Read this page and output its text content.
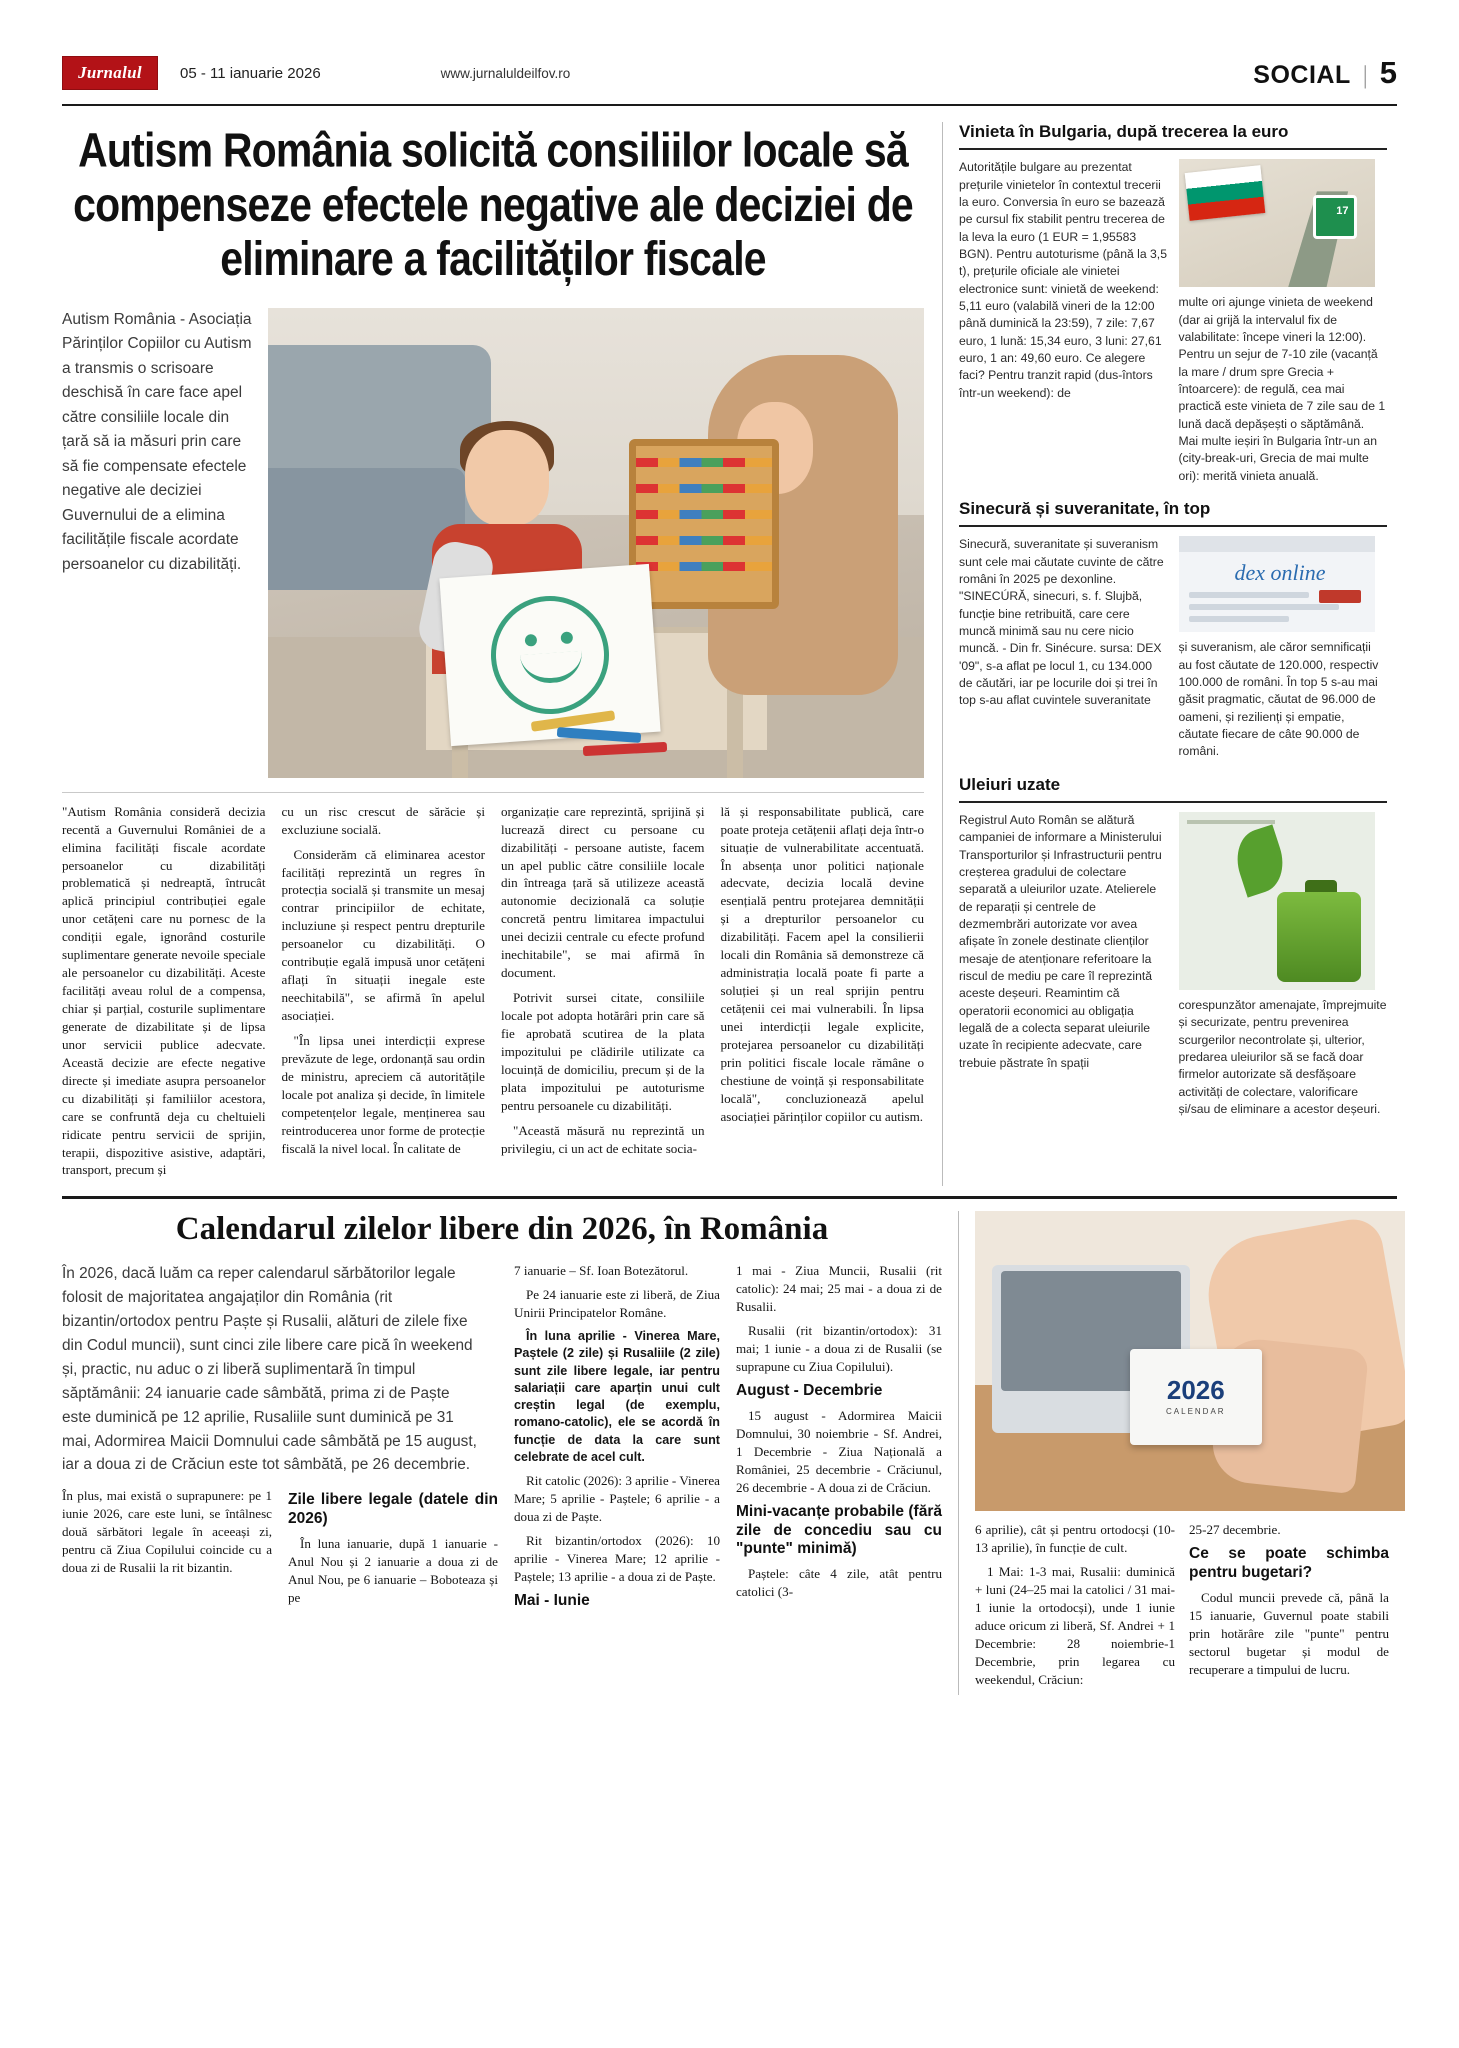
Jurnalul	05 - 11 ianuarie 2026	www.jurnaluldeilfov.ro	SOCIAL | 5
Autism România solicită consiliilor locale să compenseze efectele negative ale deciziei de eliminare a facilităților fiscale
Autism România - Asociația Părinților Copiilor cu Autism a transmis o scrisoare deschisă în care face apel către consiliile locale din țară să ia măsuri prin care să fie compensate efectele negative ale deciziei Guvernului de a elimina facilitățile fiscale acordate persoanelor cu dizabilități.

"Autism România consideră decizia recentă a Guvernului României de a elimina facilități fiscale acordate persoanelor cu dizabilități problematică și nedreaptă, întrucât aplică principiul contribuției egale unor cetățeni care nu pornesc de la condiții egale, ignorând costurile suplimentare generate nevoile speciale ale persoanelor cu dizabilități. Aceste facilități aveau rolul de a compensa, chiar și parțial, costurile suplimentare generate de dizabilitate și de lipsa unor servicii publice adecvate. Această decizie are efecte negative directe și imediate asupra persoanelor cu dizabilități și familiilor acestora, care se confruntă deja cu cheltuieli ridicate pentru servicii de sprijin, terapii, dispozitive asistive, adaptări, transport, precum și

cu un risc crescut de sărăcie și excluziune socială.

Considerăm că eliminarea acestor facilități reprezintă un regres în protecția socială și transmite un mesaj contrar principiilor de echitate, incluziune și respect pentru drepturile persoanelor cu dizabilități. O contribuție egală impusă unor cetățeni aflați în situații inegale este neechitabilă", se afirmă în apelul asociației.

"În lipsa unei interdicții exprese prevăzute de lege, ordonanță sau ordin de ministru, apreciem că autoritățile locale pot analiza și decide, în limitele competențelor legale, menținerea sau reintroducerea unor forme de protecție fiscală la nivel local. În calitate de

organizație care reprezintă, sprijină și lucrează direct cu persoane cu dizabilități - persoane autiste, facem un apel public către consiliile locale din întreaga țară să utilizeze această autonomie decizională ca soluție concretă pentru limitarea impactului unei decizii centrale cu efecte profund inechitabile", se mai afirmă în document.

Potrivit sursei citate, consiliile locale pot adopta hotărâri prin care să fie aprobată scutirea de la plata impozitului pe clădirile utilizate ca locuință de domiciliu, precum și de la plata impozitului pe autoturisme pentru persoanele cu dizabilități.

"Această măsură nu reprezintă un privilegiu, ci un act de echitate socia-

lă și responsabilitate publică, care poate proteja cetățenii aflați deja într-o situație de vulnerabilitate accentuată. În absența unor politici naționale adecvate, decizia locală devine esențială pentru protejarea demnității și a drepturilor persoanelor cu dizabilități. Facem apel la consilierii locali din România să demonstreze că administrația locală poate fi parte a soluției și un real sprijin pentru cetățenii cei mai vulnerabili. În lipsa unei interdicții legale explicite, protejarea persoanelor cu dizabilități prin politici fiscale locale rămâne o chestiune de voință și responsabilitate locală", concluzionează apelul asociației părinților copiilor cu autism.

Vinieta în Bulgaria, după trecerea la euro
Autoritățile bulgare au prezentat prețurile vinietelor în contextul trecerii la euro. Conversia în euro se bazează pe cursul fix stabilit pentru trecerea de la leva la euro (1 EUR = 1,95583 BGN). Pentru autoturisme (până la 3,5 t), prețurile oficiale ale vinietei electronice sunt: vinietă de weekend: 5,11 euro (valabilă vineri de la 12:00 până duminică la 23:59), 7 zile: 7,67 euro, 1 lună: 15,34 euro, 3 luni: 27,61 euro, 1 an: 49,60 euro. Ce alegere faci? Pentru tranzit rapid (dus-întors într-un weekend): de
17
multe ori ajunge vinieta de weekend (dar ai grijă la intervalul fix de valabilitate: începe vineri la 12:00). Pentru un sejur de 7-10 zile (vacanță la mare / drum spre Grecia + întoarcere): de regulă, cea mai practică este vinieta de 7 zile sau de 1 lună dacă depășești o săptămână. Mai multe ieșiri în Bulgaria într-un an (city-break-uri, Grecia de mai multe ori): merită vinieta anuală.
Sinecură și suveranitate, în top
Sinecură, suveranitate și suveranism sunt cele mai căutate cuvinte de către români în 2025 pe dexonline. "SINECÚRĂ, sinecuri, s. f. Slujbă, funcție bine retribuită, care cere muncă minimă sau nu cere nicio muncă. - Din fr. Sinécure. sursa: DEX '09", s-a aflat pe locul 1, cu 134.000 de căutări, iar pe locurile doi și trei în top s-au aflat cuvintele suveranitate
dex online
și suveranism, ale căror semnificații au fost căutate de 120.000, respectiv 100.000 de români. În top 5 s-au mai găsit pragmatic, căutat de 96.000 de oameni, și rezilienți și empatie, căutate fiecare de câte 90.000 de români.
Uleiuri uzate
Registrul Auto Român se alătură campaniei de informare a Ministerului Transporturilor și Infrastructurii pentru creșterea gradului de colectare separată a uleiurilor uzate. Atelierele de reparații și centrele de dezmembrări autorizate vor avea afișate în zonele destinate clienților mesaje de atenționare referitoare la riscul de mediu pe care îl reprezintă aceste deșeuri. Reamintim că operatorii economici au obligația legală de a colecta separat uleiurile uzate în recipiente adecvate, care trebuie păstrate în spații
corespunzător amenajate, împrejmuite și securizate, pentru prevenirea scurgerilor necontrolate și, ulterior, predarea uleiurilor să se facă doar firmelor autorizate să desfășoare activități de colectare, valorificare și/sau de eliminare a acestor deșeuri.
Calendarul zilelor libere din 2026, în România
În 2026, dacă luăm ca reper calendarul sărbătorilor legale folosit de majoritatea angajaților din România (rit bizantin/ortodox pentru Paște și Rusalii, alături de zilele fixe din Codul muncii), sunt cinci zile libere care pică în weekend și, practic, nu aduc o zi liberă suplimentară în timpul săptămânii: 24 ianuarie cade sâmbătă, prima zi de Paște este duminică pe 12 aprilie, Rusaliile sunt duminică pe 31 mai, Adormirea Maicii Domnului cade sâmbătă pe 15 august, iar a doua zi de Crăciun este tot sâmbătă, pe 26 decembrie.

În plus, mai există o suprapunere: pe 1 iunie 2026, care este luni, se întâlnesc două sărbători legale în aceeași zi, pentru că Ziua Copilului coincide cu a doua zi de Rusalii la rit bizantin.

Zile libere legale (datele din 2026)

În luna ianuarie, după 1 ianuarie - Anul Nou și 2 ianuarie a doua zi de Anul Nou, pe 6 ianuarie – Boboteaza și pe

7 ianuarie – Sf. Ioan Botezătorul.

Pe 24 ianuarie este zi liberă, de Ziua Unirii Principatelor Române.

În luna aprilie - Vinerea Mare, Paștele (2 zile) și Rusaliile (2 zile) sunt zile libere legale, iar pentru salariații care aparțin unui cult creștin legal (de exemplu, romano-catolic), ele se acordă în funcție de data la care sunt celebrate de acel cult.

Rit catolic (2026): 3 aprilie - Vinerea Mare; 5 aprilie - Paștele; 6 aprilie - a doua zi de Paște.

Rit bizantin/ortodox (2026): 10 aprilie - Vinerea Mare; 12 aprilie - Paștele; 13 aprilie - a doua zi de Paște.

Mai - Iunie

1 mai - Ziua Muncii, Rusalii (rit catolic): 24 mai; 25 mai - a doua zi de Rusalii.

Rusalii (rit bizantin/ortodox): 31 mai; 1 iunie - a doua zi de Rusalii (se suprapune cu Ziua Copilului).

August - Decembrie

15 august - Adormirea Maicii Domnului, 30 noiembrie - Sf. Andrei, 1 Decembrie - Ziua Națională a României, 25 decembrie - Crăciunul, 26 decembrie - A doua zi de Crăciun.

Mini-vacanțe probabile (fără zile de concediu sau cu "punte" minimă)

Paștele: câte 4 zile, atât pentru catolici (3-

2026
CALENDAR

6 aprilie), cât și pentru ortodocși (10-13 aprilie), în funcție de cult.

1 Mai: 1-3 mai, Rusalii: duminică + luni (24–25 mai la catolici / 31 mai-1 iunie la ortodocși), unde 1 iunie aduce oricum zi liberă, Sf. Andrei + 1 Decembrie: 28 noiembrie-1 Decembrie, prin legarea cu weekendul, Crăciun:

25-27 decembrie.

Ce se poate schimba pentru bugetari?

Codul muncii prevede că, până la 15 ianuarie, Guvernul poate stabili prin hotărâre zile "punte" pentru sectorul bugetar și modul de recuperare a timpului de lucru.
